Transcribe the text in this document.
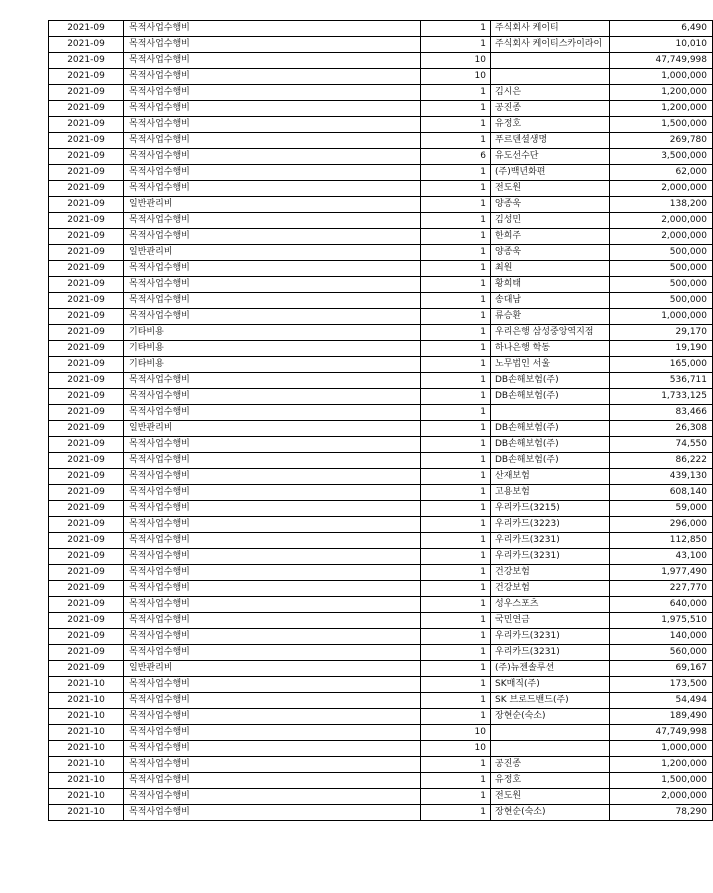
2021-09	목적사업수행비	1	주식회사 케이티	6,490
2021-09	목적사업수행비	1	주식회사 케이티스카이라이	10,010
2021-09	목적사업수행비	10		47,749,998
2021-09	목적사업수행비	10		1,000,000
2021-09	목적사업수행비	1	김시은	1,200,000
2021-09	목적사업수행비	1	공진종	1,200,000
2021-09	목적사업수행비	1	유정호	1,500,000
2021-09	목적사업수행비	1	푸르덴셜생명	269,780
2021-09	목적사업수행비	6	유도선수단	3,500,000
2021-09	목적사업수행비	1	(주)백년화편	62,000
2021-09	목적사업수행비	1	전도원	2,000,000
2021-09	일반관리비	1	양종욱	138,200
2021-09	목적사업수행비	1	김성민	2,000,000
2021-09	목적사업수행비	1	한희주	2,000,000
2021-09	일반관리비	1	양종욱	500,000
2021-09	목적사업수행비	1	최원	500,000
2021-09	목적사업수행비	1	황희태	500,000
2021-09	목적사업수행비	1	송대남	500,000
2021-09	목적사업수행비	1	류승환	1,000,000
2021-09	기타비용	1	우리은행 삼성중앙역지점	29,170
2021-09	기타비용	1	하나은행 학동	19,190
2021-09	기타비용	1	노무법인 서울	165,000
2021-09	목적사업수행비	1	DB손해보험(주)	536,711
2021-09	목적사업수행비	1	DB손해보험(주)	1,733,125
2021-09	목적사업수행비	1		83,466
2021-09	일반관리비	1	DB손해보험(주)	26,308
2021-09	목적사업수행비	1	DB손해보험(주)	74,550
2021-09	목적사업수행비	1	DB손해보험(주)	86,222
2021-09	목적사업수행비	1	산재보험	439,130
2021-09	목적사업수행비	1	고용보험	608,140
2021-09	목적사업수행비	1	우리카드(3215)	59,000
2021-09	목적사업수행비	1	우리카드(3223)	296,000
2021-09	목적사업수행비	1	우리카드(3231)	112,850
2021-09	목적사업수행비	1	우리카드(3231)	43,100
2021-09	목적사업수행비	1	건강보험	1,977,490
2021-09	목적사업수행비	1	건강보험	227,770
2021-09	목적사업수행비	1	성우스포츠	640,000
2021-09	목적사업수행비	1	국민연금	1,975,510
2021-09	목적사업수행비	1	우리카드(3231)	140,000
2021-09	목적사업수행비	1	우리카드(3231)	560,000
2021-09	일반관리비	1	(주)뉴젠솔루션	69,167
2021-10	목적사업수행비	1	SK매직(주)	173,500
2021-10	목적사업수행비	1	SK 브로드밴드(주)	54,494
2021-10	목적사업수행비	1	장현순(숙소)	189,490
2021-10	목적사업수행비	10		47,749,998
2021-10	목적사업수행비	10		1,000,000
2021-10	목적사업수행비	1	공진종	1,200,000
2021-10	목적사업수행비	1	유정호	1,500,000
2021-10	목적사업수행비	1	전도원	2,000,000
2021-10	목적사업수행비	1	장현순(숙소)	78,290
